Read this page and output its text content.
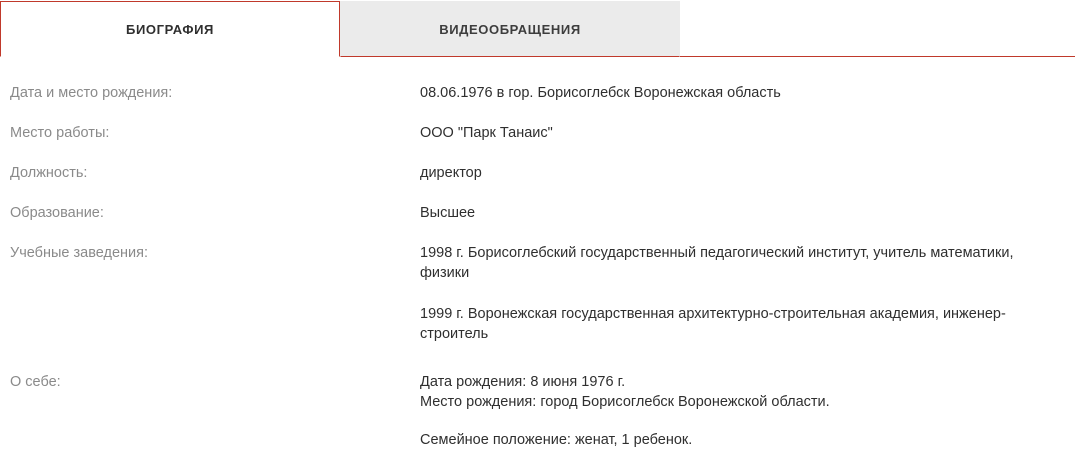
БИОГРАФИЯ	ВИДЕООБРАЩЕНИЯ
Дата и место рождения:	08.06.1976 в гор. Борисоглебск Воронежская область
Место работы:	ООО "Парк Танаис"
Должность:	директор
Образование:	Высшее
Учебные заведения:	1998 г. Борисоглебский государственный педагогический институт, учитель математики, физики
1999 г. Воронежская государственная архитектурно-строительная академия, инженер-строитель
О себе:	Дата рождения: 8 июня 1976 г.
Место рождения: город Борисоглебск Воронежской области.
Семейное положение: женат, 1 ребенок.
